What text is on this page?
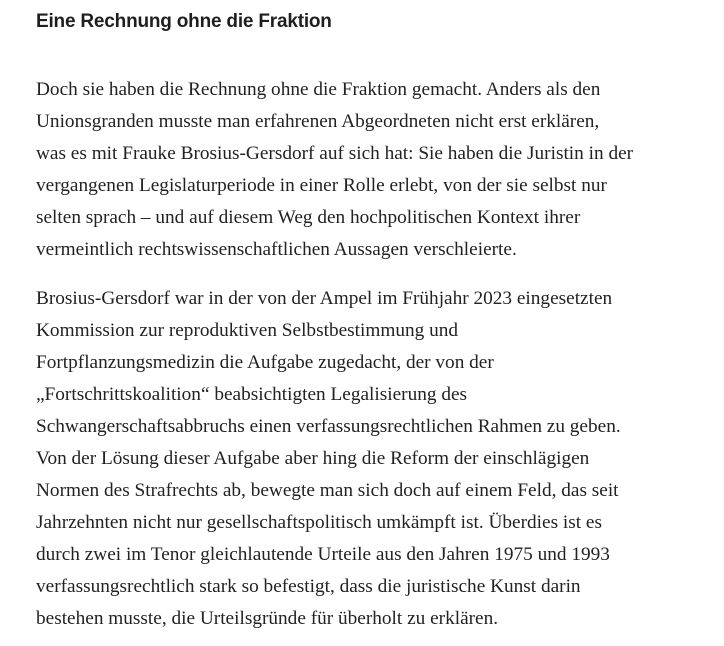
Eine Rechnung ohne die Fraktion

Doch sie haben die Rechnung ohne die Fraktion gemacht. Anders als den
Unionsgranden musste man erfahrenen Abgeordneten nicht erst erklären,
was es mit Frauke Brosius-Gersdorf auf sich hat: Sie haben die Juristin in der
vergangenen Legislaturperiode in einer Rolle erlebt, von der sie selbst nur
selten sprach – und auf diesem Weg den hochpolitischen Kontext ihrer
vermeintlich rechtswissenschaftlichen Aussagen verschleierte.

Brosius-Gersdorf war in der von der Ampel im Frühjahr 2023 eingesetzten
Kommission zur reproduktiven Selbstbestimmung und
Fortpflanzungsmedizin die Aufgabe zugedacht, der von der
„Fortschrittskoalition“ beabsichtigten Legalisierung des
Schwangerschaftsabbruchs einen verfassungsrechtlichen Rahmen zu geben.
Von der Lösung dieser Aufgabe aber hing die Reform der einschlägigen
Normen des Strafrechts ab, bewegte man sich doch auf einem Feld, das seit
Jahrzehnten nicht nur gesellschaftspolitisch umkämpft ist. Überdies ist es
durch zwei im Tenor gleichlautende Urteile aus den Jahren 1975 und 1993
verfassungsrechtlich stark so befestigt, dass die juristische Kunst darin
bestehen musste, die Urteilsgründe für überholt zu erklären.
